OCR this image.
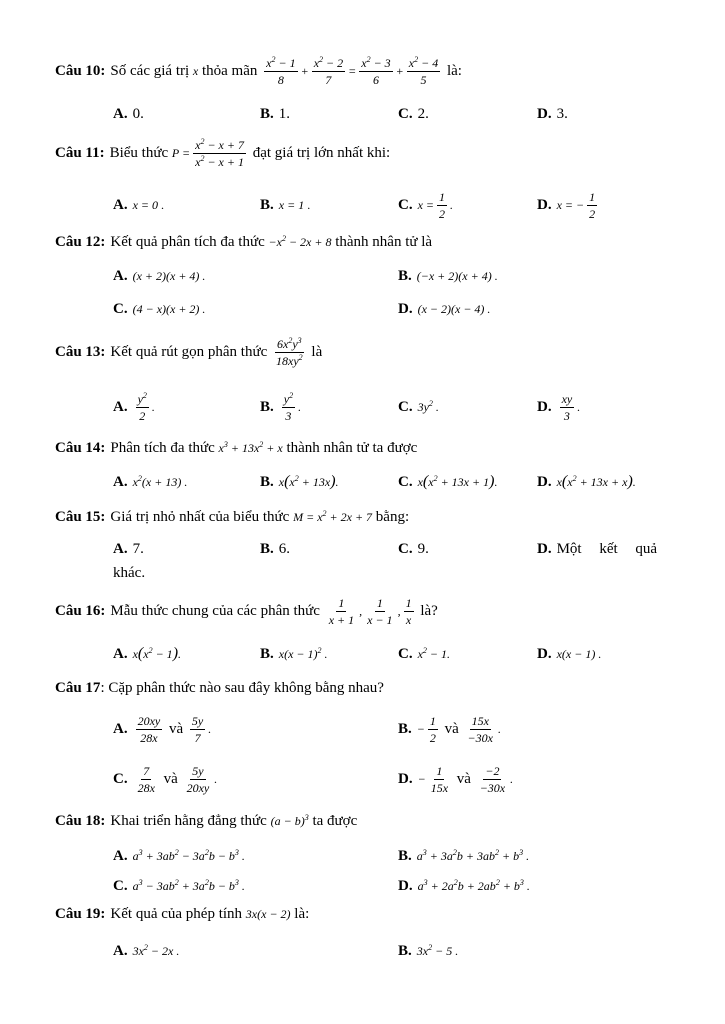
Câu 10: Số các giá trị
x
thỏa mãn
$\frac{x^2 - 1}{8} + \frac{x^2 - 2}{7} = \frac{x^2 - 3}{6} + \frac{x^2 - 4}{5}$
là:
A. 0.	B. 1.	C. 2.	D. 3.
Câu 11: Biểu thức
$P = \frac{x^2 - x + 7}{x^2 - x + 1}$
đạt giá trị lớn nhất khi:
A. x = 0 .	B. x = 1 .	C. $x = \frac{1}{2}$ .	D. x = − $\frac{1}{2}$
Câu 12: Kết quả phân tích đa thức
$-x^2 - 2x + 8$
thành nhân tử là
A. (x + 2)(x + 4) .	B. (−x + 2)(x + 4) .
C. (4 − x)(x + 2) .	D. (x − 2)(x − 4) .
Câu 13: Kết quả rút gọn phân thức
$\frac{6x^2y^3}{18xy^2}$
là
A. $\frac{y^2}{2}$ .	B. $\frac{y^2}{3}$ .	C. $3y^2$ .	D. $\frac{xy}{3}$ .
Câu 14: Phân tích đa thức
$x^3 + 13x^2 + x$
thành nhân tử ta được
A. $x^2(x + 13)$ .	B. $x(x^2 + 13x)$.	C. $x(x^2 + 13x + 1)$.	D. $x(x^2 + 13x + x)$.
Câu 15: Giá trị nhỏ nhất của biểu thức
$M = x^2 + 2x + 7$
bằng:
A. 7.	B. 6.	C. 9.	D. Một kết quả
khác.
Câu 16: Mẫu thức chung của các phân thức
$\frac{1}{x + 1}$ , $\frac{1}{x - 1}$ , $\frac{1}{x}$
là?
A. $x(x^2 - 1)$.	B. $x(x - 1)^2$ .	C. $x^2 - 1$.	D. x(x − 1) .
Câu 17 : Cặp phân thức nào sau đây không bằng nhau?
A. $\frac{20xy}{28x}$
và
$\frac{5y}{7}$ .	B. − $\frac{1}{2}$
và
$\frac{15x}{-30x}$ .
C. $\frac{7}{28x}$
và
$\frac{5y}{20xy}$ .	D. − $\frac{1}{15x}$
và
$\frac{-2}{-30x}$ .
Câu 18: Khai triển hằng đẳng thức
$(a - b)^3$
ta được
A. $a^3 + 3ab^2 - 3a^2b - b^3$ .	B. $a^3 + 3a^2b + 3ab^2 + b^3$ .
C. $a^3 - 3ab^2 + 3a^2b - b^3$ .	D. $a^3 + 2a^2b + 2ab^2 + b^3$ .
Câu 19: Kết quả của phép tính
3x(x − 2)
là:
A. $3x^2 - 2x$ .	B. $3x^2 - 5$ .
